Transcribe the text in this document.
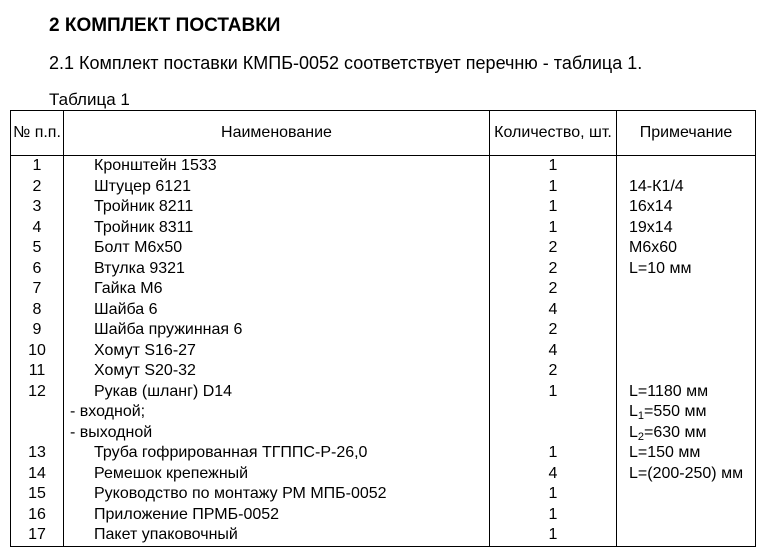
2 КОМПЛЕКТ ПОСТАВКИ
2.1 Комплект поставки КМПБ-0052 соответствует перечню - таблица 1.
Таблица 1
№ п.п.	Наименование	Количество, шт.	Примечание
1	Кронштейн 1533	1	
2	Штуцер 6121	1	14-К1/4
3	Тройник 8211	1	16х14
4	Тройник 8311	1	19х14
5	Болт М6х50	2	М6х60
6	Втулка 9321	2	L=10 мм
7	Гайка М6	2	
8	Шайба 6	4	
9	Шайба пружинная 6	2	
10	Хомут S16-27	4	
11	Хомут S20-32	2	
12	Рукав (шланг) D14	1	L=1180 мм
	- входной;		$L_1=550$ мм
	- выходной		$L_2=630$ мм
13	Труба гофрированная ТГППС-Р-26,0	1	L=150 мм
14	Ремешок крепежный	4	L=(200-250) мм
15	Руководство по монтажу РМ МПБ-0052	1	
16	Приложение ПРМБ-0052	1	
17	Пакет упаковочный	1	
